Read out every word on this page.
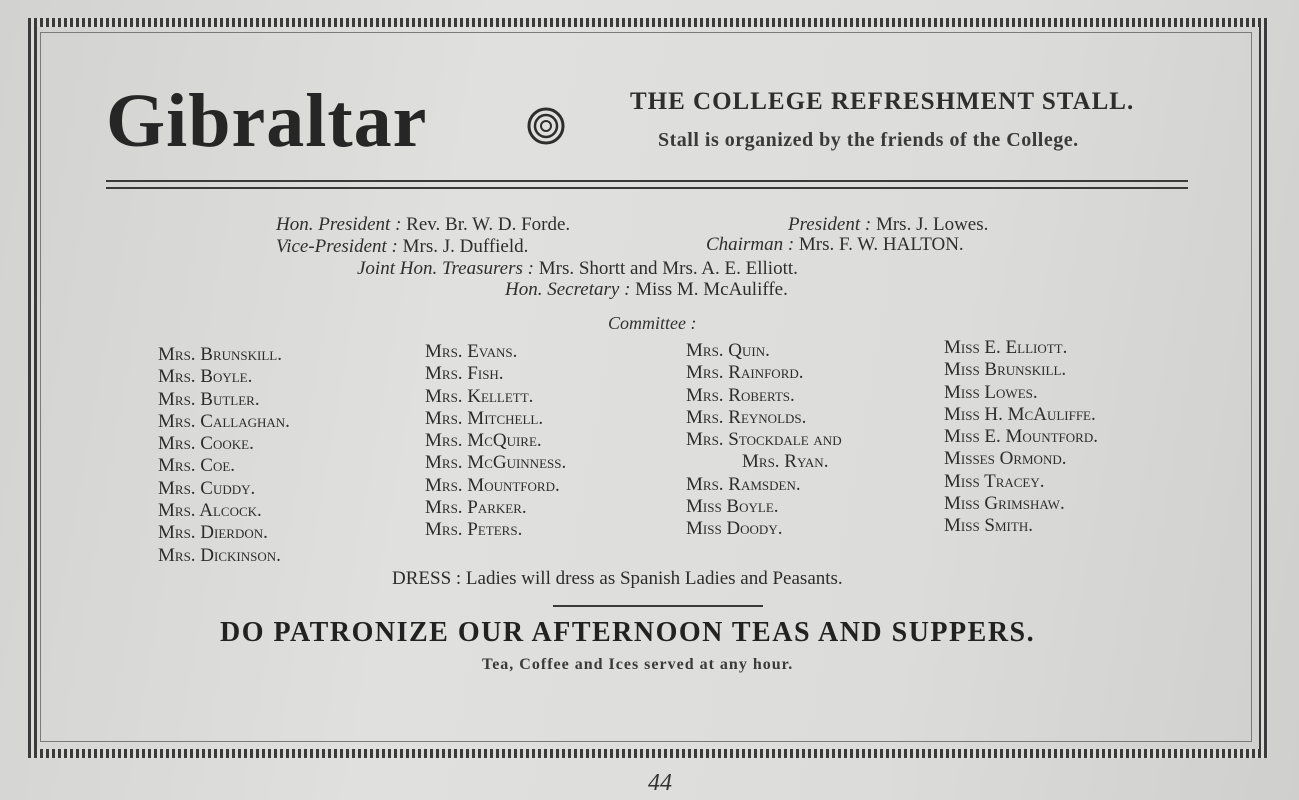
Gibraltar	THE COLLEGE REFRESHMENT STALL.
Stall is organized by the friends of the College.
Hon. President : Rev. Br. W. D. Forde.	President : Mrs. J. Lowes.
Vice-President : Mrs. J. Duffield.	Chairman : Mrs. F. W. HALTON.
Joint Hon. Treasurers : Mrs. Shortt and Mrs. A. E. Elliott.
Hon. Secretary : Miss M. McAuliffe.
Committee :
Mrs. Brunskill.
Mrs. Boyle.
Mrs. Butler.
Mrs. Callaghan.
Mrs. Cooke.
Mrs. Coe.
Mrs. Cuddy.
Mrs. Alcock.
Mrs. Dierdon.
Mrs. Dickinson.
Mrs. Evans.
Mrs. Fish.
Mrs. Kellett.
Mrs. Mitchell.
Mrs. McQuire.
Mrs. McGuinness.
Mrs. Mountford.
Mrs. Parker.
Mrs. Peters.
Mrs. Quin.
Mrs. Rainford.
Mrs. Roberts.
Mrs. Reynolds.
Mrs. Stockdale and
Mrs. Ryan.
Mrs. Ramsden.
Miss Boyle.
Miss Doody.
Miss E. Elliott.
Miss Brunskill.
Miss Lowes.
Miss H. McAuliffe.
Miss E. Mountford.
Misses Ormond.
Miss Tracey.
Miss Grimshaw.
Miss Smith.
DRESS : Ladies will dress as Spanish Ladies and Peasants.
DO PATRONIZE OUR AFTERNOON TEAS AND SUPPERS.
Tea, Coffee and Ices served at any hour.
44
